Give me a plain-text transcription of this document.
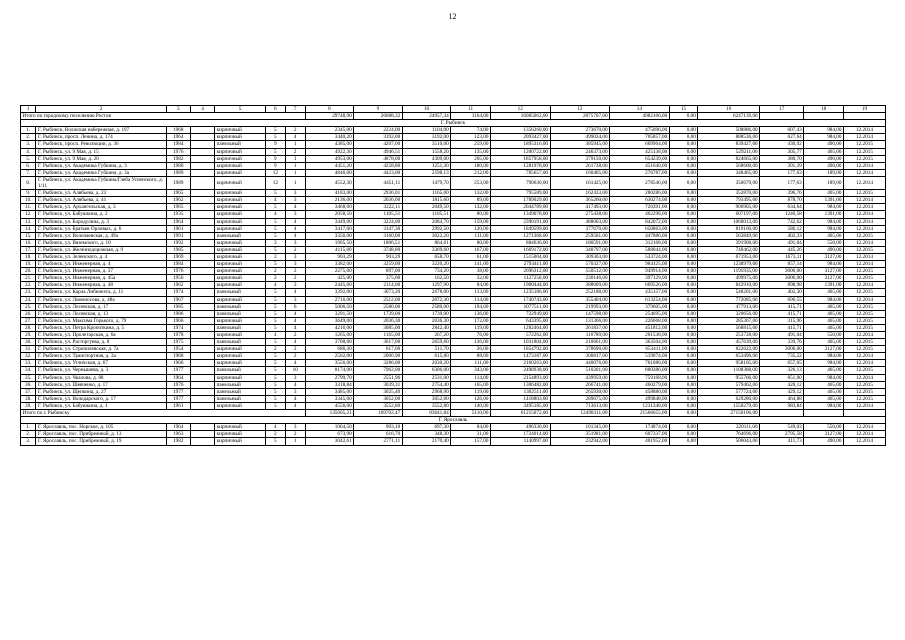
12
1	2	3	4	5	6	7	8	9	10	11	12	13	14	15	16	17	18	19
Итого по городскому поселению Ростов							29748,90	26688,32	24957,34	1164,00	16085062,00	2875707,00	4982166,00	0,00	6247139,00			
Г. Рыбинск																		
1.	Г. Рыбинск, Волжская набережная, д. 197	1968		кирпичный	5	2	2345,00	2224,00	1104,00	74,00	1356260,00	273670,00	475096,00	0,00	508886,00	607,43	984,00	12.2014
2.	Г. Рыбинск, просп. Ленина, д. 174	1964		кирпичный	5	4	3440,20	3192,00	3192,00	123,00	2093427,00	499034,00	705857,00	0,00	888536,00	627,64	984,00	12.2014
3.	Г. Рыбинск, просп. Революции, д. 36	1984		панельный	9	1	4385,00	4207,00	3510,00	259,00	1895316,00	385945,00	669964,00	0,00	839427,00	430,92	490,00	12.2015
4.	Г. Рыбинск, ул. 9 Мая, д. 15	1976		кирпичный	5	2	4922,30	4946,51	1558,20	135,00	1200722,00	246373,00	425138,00	0,00	529211,00	305,77	465,00	12.2015
5.	Г. Рыбинск, ул. 9 Мая, д. 20	1982		кирпичный	9	1	4953,00	4878,00	4309,00	205,00	1857958,00	379150,00	654239,00	0,00	824665,00	380,70	490,00	12.2015
6.	Г. Рыбинск, ул. Академика Губкина, д. 3	1980		кирпичный	9	1	4451,20	4258,80	1251,30	180,00	1281978,00	261738,00	451640,00	0,00	568600,00	301,39	490,00	12.2014
7.	Г. Рыбинск, ул. Академика Губкина, д. 3а	1989		кирпичный	12	1	4846,00	4423,00	2598,13	212,00	785657,00	160405,00	276787,00	0,00	348465,00	177,63	189,00	12.2014
8.	Г. Рыбинск, ул. Академика Губкина/Глеба Успенского, д. 1/11	1989		кирпичный	12	1	4552,30	4451,11	1479,70	253,00	790630,00	161425,00	278546,00	0,00	350679,00	177,63	189,00	12.2014
9.	Г. Рыбинск, ул. Алябьева, д. 23	1965		кирпичный	5	3	4183,00	2936,01	1165,00	132,00	795589,00	162433,00	280286,00	0,00	352870,00	396,76	465,00	12.2015
10.	Г. Рыбинск, ул. Алябьева, д. 41	1962		кирпичный	4	3	2136,00	2036,00	1815,60	89,00	1789029,00	365260,00	630274,00	0,00	793495,00	878,70	1391,00	12.2014
11.	Г. Рыбинск, ул. Архангельская, д. 3	1965		кирпичный	5	4	3468,60	3222,11	2049,50	132,00	2044789,00	417493,00	720391,00	0,00	906905,00	634,64	984,00	12.2014
12.	Г. Рыбинск, ул. Бабушкина, д. 2	1935		кирпичный	4	3	2058,50	1105,51	1105,51	80,00	1349078,00	275438,00	462298,00	0,00	607197,00	1240,58	1391,00	12.2014
13.	Г. Рыбинск, ул. Бородулина, д. 3	1964		кирпичный	5	4	3449,00	3224,00	2084,70	159,00	2390191,00	488003,00	842072,00	0,00	1060013,00	742,62	984,00	12.2014
14.	Г. Рыбинск, ул. Братьев Орловых, д. 6	1961		кирпичный	5	4	3417,00	3147,30	2992,50	120,00	1849599,00	377670,00	650863,00	0,00	819160,00	586,12	984,00	12.2014
15.	Г. Рыбинск, ул. Волочаевская, д. 49а	1991		панельный	5	4	3356,00	3160,00	3022,20	111,00	1271368,00	259581,00	447886,00	0,00	563849,00	402,33	465,00	12.2015
16.	Г. Рыбинск, ул. Вяземского, д. 10	1992		кирпичный	3	3	1905,50	1806,51	864,61	80,00	884636,00	180591,00	312168,00	0,00	391908,00	491,04	550,00	12.2014
17.	Г. Рыбинск, ул. Железнодорожная, д. 9	1985		кирпичный	5	2	4115,00	3748,80	3369,60	167,00	1669172,00	340797,00	588044,00	0,00	740462,00	445,26	490,00	12.2015
18.	Г. Рыбинск, ул. Зеленского, д. 4	1969		кирпичный	2	3	903,29	903,29	658,70	61,00	1515004,00	309303,00	533724,00	0,00	671953,00	1673,11	3127,00	12.2014
19.	Г. Рыбинск, ул. Инженерная, д. 4	1984		кирпичный	5	3	3382,00	3259,00	3220,20	141,00	2793411,00	570327,00	984125,00	0,00	1238979,00	857,14	984,00	12.2014
20.	Г. Рыбинск, ул. Инженерная, д. 37	1976		кирпичный	2	2	2275,00	897,00	734,20	38,00	2696312,00	550512,00	949914,00	0,00	1195935,00	3006,00	3127,00	12.2015
21.	Г. Рыбинск, ул. Инженерная, д. 45а	1956		кирпичный	2	2	425,00	375,00	162,50	32,00	1127250,00	230146,00	397129,00	0,00	499975,00	3006,00	3127,00	12.2015
22.	Г. Рыбинск, ул. Инженерная, д. 48	1962		кирпичный	4	3	2445,00	2114,00	1297,90	84,00	1900444,00	388009,00	669526,00	0,00	842910,00	898,98	1391,00	12.2014
23.	Г. Рыбинск, ул. Карла Либкнехта, д. 11	1974		панельный	5	4	3392,00	3073,20	2678,00	113,00	1235186,00	252188,00	435157,00	0,00	548201,00	402,30	465,00	12.2015
24.	Г. Рыбинск, ул. Ломоносова, д. 48а	1967		кирпичный	5	3	2716,00	2512,00	2072,30	114,00	1740743,00	355404,00	613254,00	0,00	772085,00	696,55	984,00	12.2014
25.	Г. Рыбинск, ул. Лосевская, д. 17	1985		панельный	5	6	5006,50	2580,00	2580,00	194,00	1077511,00	219993,00	379605,00	0,00	477913,00	415,71	465,00	12.2015
26.	Г. Рыбинск, ул. Лосевская, д. 13	1986		панельный	5	4	3291,50	1739,00	1739,00	136,00	722949,00	147598,00	254695,00	0,00	320656,00	415,71	465,00	12.2015
27.	Г. Рыбинск, ул. Максима Горького, д. 79	1966		кирпичный	5	4	3649,00	2036,30	2036,30	172,00	643395,00	131366,00	226668,00	0,00	285367,00	315,96	465,00	12.2015
28.	Г. Рыбинск, ул. Петра Кропоткина, д. 5	1974		панельный	5	4	4216,00	3085,00	2842,40	119,00	1282464,00	261837,00	451812,00	0,00	568815,00	415,71	465,00	12.2015
29.	Г. Рыбинск, ул. Пролетарская, д. 6а	1978		кирпичный	4	2	1265,00	1165,00	267,20	76,00	572262,00	116789,00	201538,00	0,00	253728,00	491,04	550,00	12.2014
30.	Г. Рыбинск, ул. Расторгуева, д. 8	1975		панельный	5	4	3700,00	3617,00	2659,60	136,00	1031804,00	210661,00	363504,00	0,00	457639,00	339,76	465,00	12.2015
31.	Г. Рыбинск, ул. Стропилевская, д. 7а	1954		кирпичный	2	2	686,30	617,00	511,70	26,00	1854792,00	378690,00	653411,00	0,00	822622,00	3006,00	3127,00	12.2015
32.	Г. Рыбинск, ул. Транспортная, д. 3а	1968		кирпичный	5	2	2562,00	2006,90	615,80	88,00	1473187,00	300817,00	519074,00	0,00	653496,00	735,22	984,00	12.2014
33.	Г. Рыбинск, ул. Угличская, д. 67	1966		кирпичный	5	4	3556,00	3286,00	2030,20	111,00	2160263,00	440076,00	761086,00	0,00	958105,00	657,05	984,00	12.2014
34.	Г. Рыбинск, ул. Чернышева, д. 3	1977		панельный	5	10	8174,00	7962,00	6306,00	343,00	2498938,00	510201,00	880386,00	0,00	1108388,00	326,13	465,00	12.2015
35.	Г. Рыбинск, ул. Чкалова, д. 88	1964		кирпичный	5	3	2799,70	2551,96	2531,00	114,00	2154893,00	439959,00	759168,00	0,00	955766,00	851,00	984,00	12.2014
36.	Г. Рыбинск, ул. Шевченко, д. 17	1976		панельный	5	4	3318,84	3039,31	2754,40	165,00	1306482,00	266741,00	460279,00	0,00	579462,00	420,12	465,00	12.2015
37.	Г. Рыбинск, ул. Щепкина, д. 27	1977		панельный	5	3	3485,00	3025,40	2968,90	119,00	1302511,00	265930,00	458880,00	0,00	577724,00	429,12	465,00	12.2015
38.	Г. Рыбинск, ул. Володарского, д. 17	1977		панельный	5	4	3345,60	3052,00	3052,00	126,00	1418803,00	289675,00	499848,00	0,00	629280,00	464,88	465,00	12.2015
39.	Г. Рыбинск, ул. Бабушкина, д. 1	1961		кирпичный	5	4	4556,00	3552,80	3552,80	140,00	3495185,00	713613,00	1231348,00	0,00	1550279,00	983,84	984,00	12.2014
Итого по г. Рыбинску							135665,21	109702,47	83641,84	5110,00	61215072,00	12498311,00	21566655,00	0,00	27150106,00			
Г. Ярославль																		
1.	Г. Ярославль, пос. Норское, д. 105	1964		кирпичный	4	3	1064,50	903,10	697,30	84,00	496330,00	101345,00	174874,00	0,00	220111,00	549,03	550,00	12.2014
2.	Г. Ярославль, пос. Прибрежный, д. 13	1963		кирпичный	2	2	673,90	616,70	348,30	31,00	1724014,00	351981,00	607337,00	0,00	764696,00	2795,58	3127,00	12.2014
3.	Г. Ярославль, пос. Прибрежный, д. 19	1982		кирпичный	5	1	3042,61	2771,11	2170,40	157,00	1140997,00	232942,00	401952,00	0,00	506043,00	411,73	490,00	12.2014
